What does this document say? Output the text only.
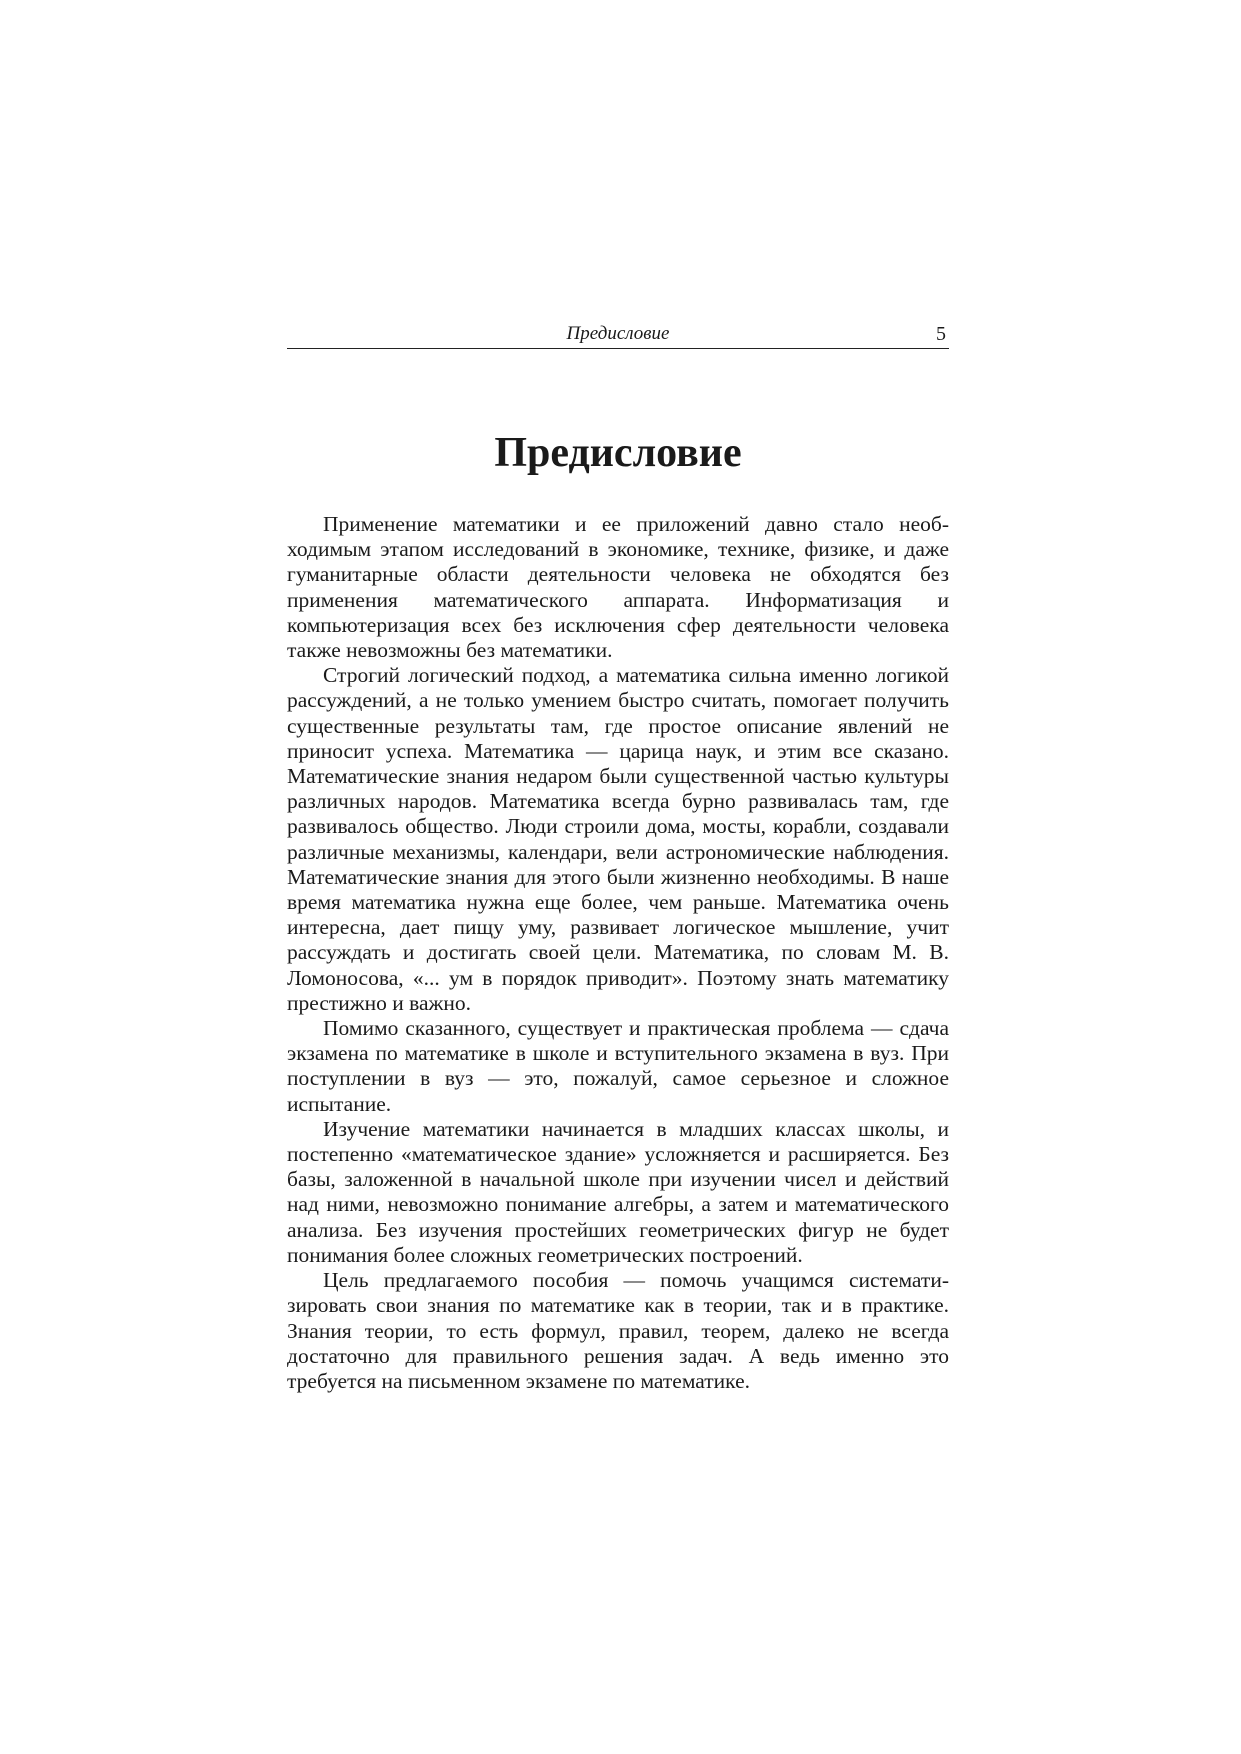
Предисловие	5
Предисловие

Применение математики и ее приложений давно стало необходимым этапом исследований в экономике, технике, физике, и даже гуманитарные области деятельности человека не обходятся без применения математического аппарата. Информатизация и компьютеризация всех без исключения сфер деятельности человека также невозможны без математики.

Строгий логический подход, а математика сильна именно логикой рассуждений, а не только умением быстро считать, помогает получить существенные результаты там, где простое описание явлений не приносит успеха. Математика — царица наук, и этим все сказано. Математические знания недаром были существенной частью культуры различных народов. Математика всегда бурно развивалась там, где развивалось общество. Люди строили дома, мосты, корабли, создавали различные механизмы, календари, вели астрономические наблюдения. Математические знания для этого были жизненно необходимы. В наше время математика нужна еще более, чем раньше. Математика очень интересна, дает пищу уму, развивает логическое мышление, учит рассуждать и достигать своей цели. Математика, по словам М. В. Ломоносова, «... ум в порядок приводит». Поэтому знать математику престижно и важно.

Помимо сказанного, существует и практическая проблема — сдача экзамена по математике в школе и вступительного экзамена в вуз. При поступлении в вуз — это, пожалуй, самое серьезное и сложное испытание.

Изучение математики начинается в младших классах школы, и постепенно «математическое здание» усложняется и расширяется. Без базы, заложенной в начальной школе при изучении чисел и действий над ними, невозможно понимание алгебры, а затем и математического анализа. Без изучения простейших геометрических фигур не будет понимания более сложных геометрических построений.

Цель предлагаемого пособия — помочь учащимся систематизировать свои знания по математике как в теории, так и в практике. Знания теории, то есть формул, правил, теорем, далеко не всегда достаточно для правильного решения задач. А ведь именно это требуется на письменном экзамене по математике.
